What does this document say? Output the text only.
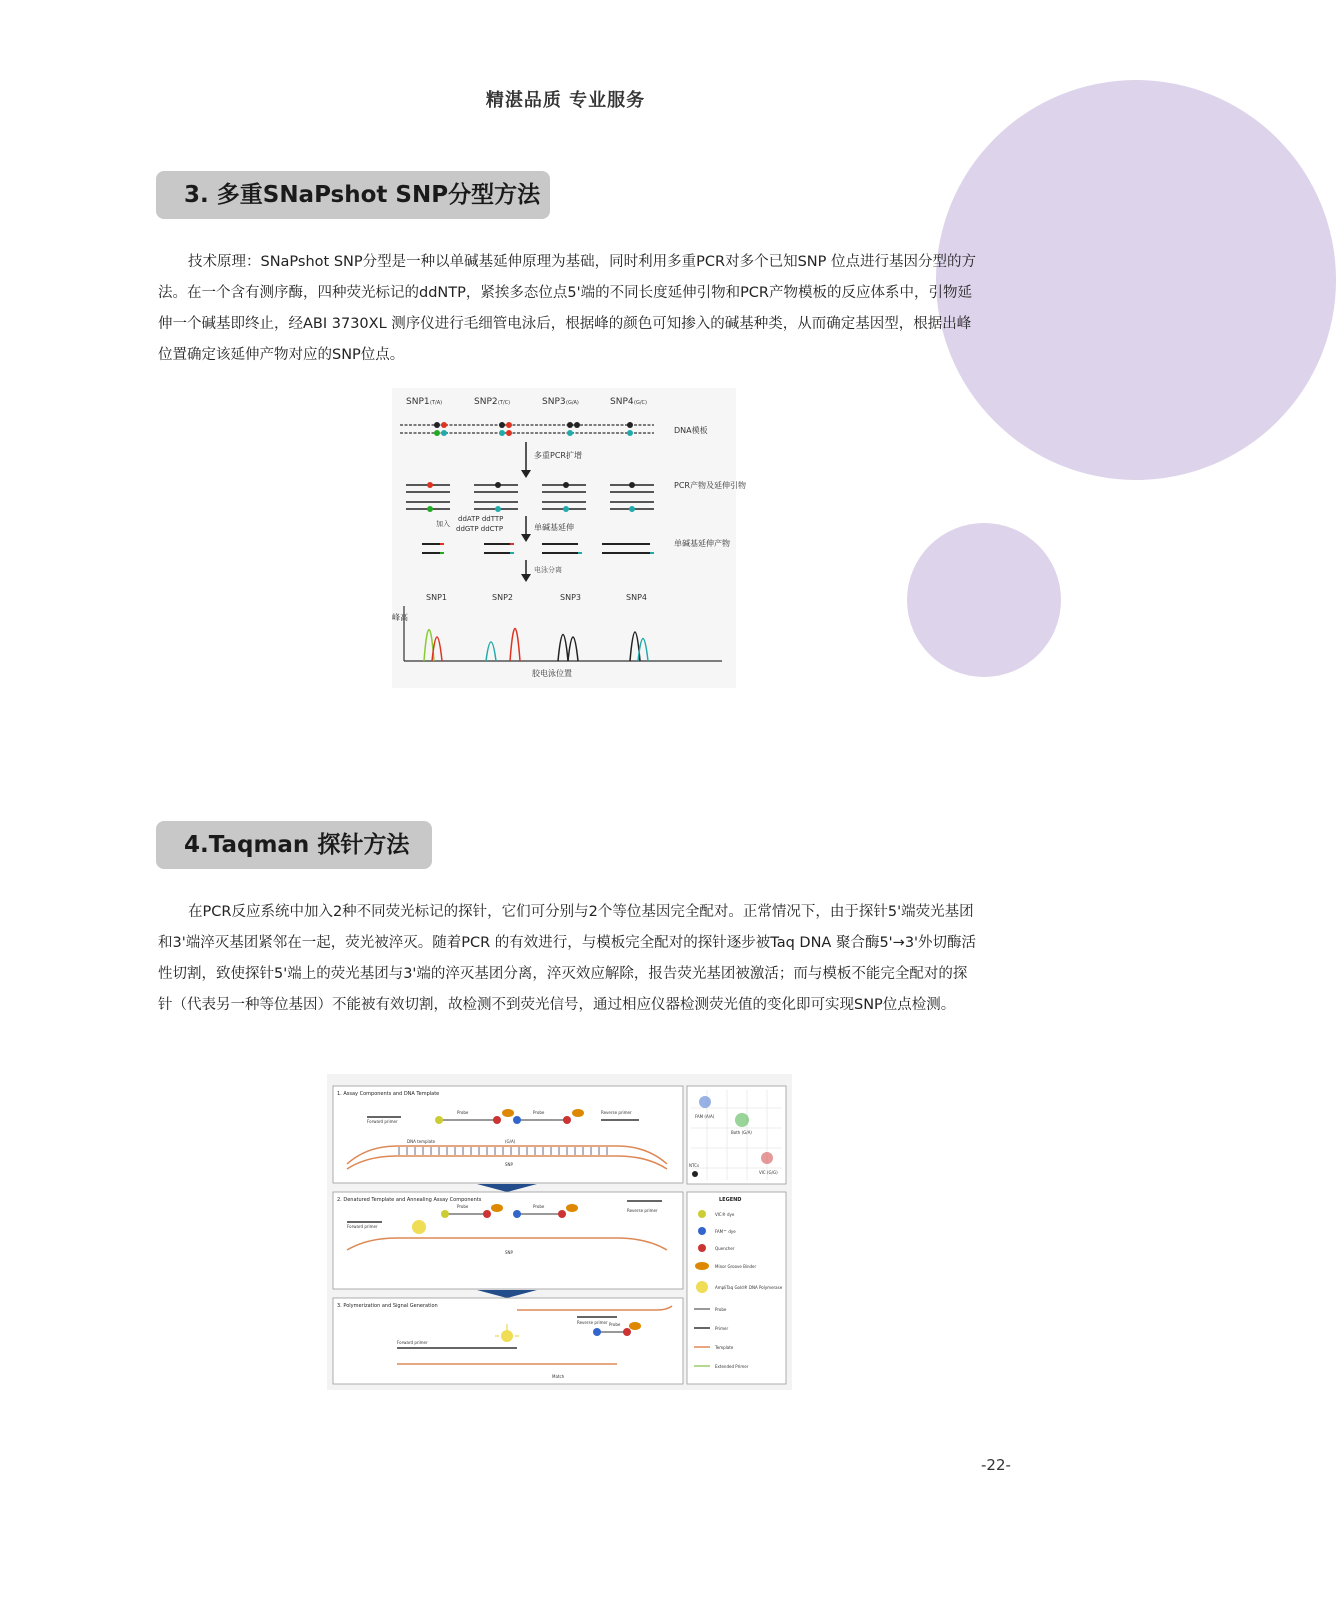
精湛品质 专业服务
3. 多重SNaPshot SNP分型方法
技术原理：SNaPshot SNP分型是一种以单碱基延伸原理为基础，同时利用多重PCR对多个已知SNP 位点进行基因分型的方法。在一个含有测序酶，四种荧光标记的ddNTP，紧挨多态位点5'端的不同长度延伸引物和PCR产物模板的反应体系中，引物延伸一个碱基即终止，经ABI 3730XL 测序仪进行毛细管电泳后，根据峰的颜色可知掺入的碱基种类，从而确定基因型，根据出峰位置确定该延伸产物对应的SNP位点。
SNP1 (T/A)	SNP2 (T/C)	SNP3 (G/A)	SNP4 (G/C)
DNA模板
多重PCR扩增
PCR产物及延伸引物
加入
ddATP ddTTP
ddGTP ddCTP	单碱基延伸
单碱基延伸产物
电泳分离
SNP1	SNP2	SNP3	SNP4
峰高
胶电泳位置
4.Taqman 探针方法
在PCR反应系统中加入2种不同荧光标记的探针，它们可分别与2个等位基因完全配对。正常情况下，由于探针5'端荧光基团和3'端淬灭基团紧邻在一起，荧光被淬灭。随着PCR 的有效进行，与模板完全配对的探针逐步被Taq DNA 聚合酶5'→3'外切酶活性切割，致使探针5'端上的荧光基团与3'端的淬灭基团分离，淬灭效应解除，报告荧光基团被激活；而与模板不能完全配对的探针（代表另一种等位基因）不能被有效切割，故检测不到荧光信号，通过相应仪器检测荧光值的变化即可实现SNP位点检测。
1. Assay Components and DNA Template
Forward primer
Probe	Probe	Reverse primer
DNA template	(G/A)
SNP
2. Denatured Template and Annealing Assay Components
Forward primer
Probe	Probe
Reverse primer
SNP
3. Polymerization and Signal Generation
Reverse primer Probe
Forward primer
Match
FAM (A/A)
Both (G/A)
VIC (G/G)
NTCs
LEGEND
VIC® dye
FAM™ dye
Quencher
Minor Groove Binder
AmpliTaq Gold® DNA Polymerase
Probe
Primer
Template
Extended Primer
-22-
